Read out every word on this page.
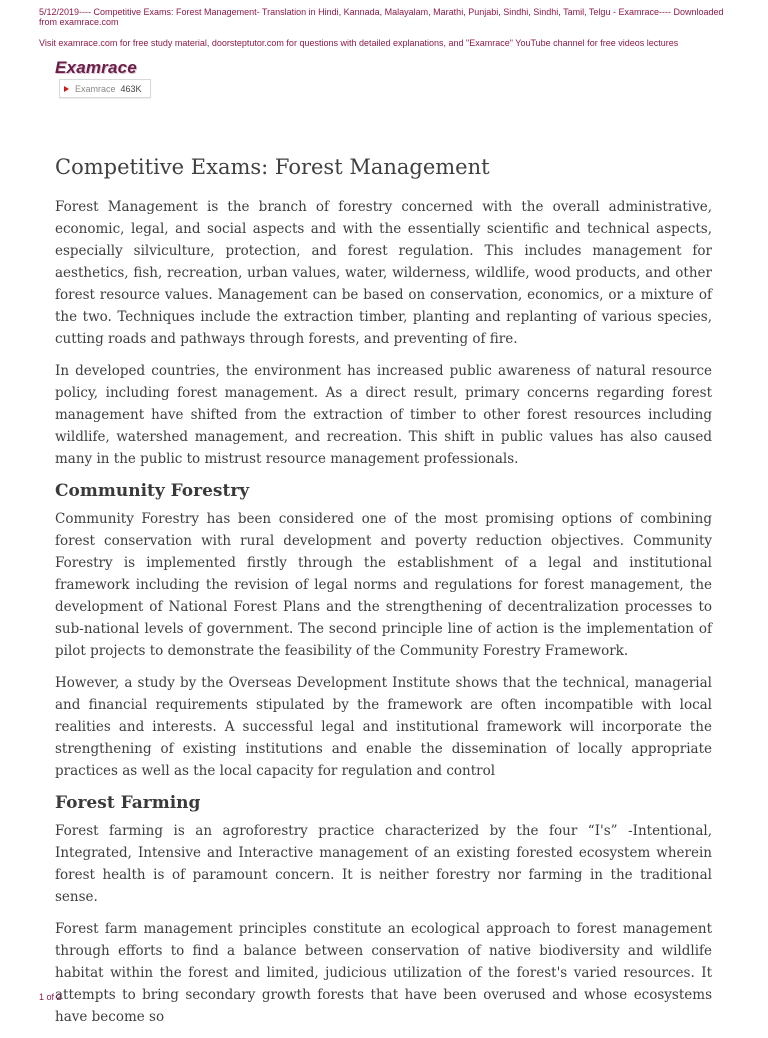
5/12/2019---- Competitive Exams: Forest Management- Translation in Hindi, Kannada, Malayalam, Marathi, Punjabi, Sindhi, Sindhi, Tamil, Telgu - Examrace---- Downloaded from examrace.com
Visit examrace.com for free study material, doorsteptutor.com for questions with detailed explanations, and "Examrace" YouTube channel for free videos lectures
Examrace
Examrace 463K
Competitive Exams: Forest Management

Forest Management is the branch of forestry concerned with the overall administrative, economic, legal, and social aspects and with the essentially scientific and technical aspects, especially silviculture, protection, and forest regulation. This includes management for aesthetics, fish, recreation, urban values, water, wilderness, wildlife, wood products, and other forest resource values. Management can be based on conservation, economics, or a mixture of the two. Techniques include the extraction timber, planting and replanting of various species, cutting roads and pathways through forests, and preventing of fire.

In developed countries, the environment has increased public awareness of natural resource policy, including forest management. As a direct result, primary concerns regarding forest management have shifted from the extraction of timber to other forest resources including wildlife, watershed management, and recreation. This shift in public values has also caused many in the public to mistrust resource management professionals.

Community Forestry

Community Forestry has been considered one of the most promising options of combining forest conservation with rural development and poverty reduction objectives. Community Forestry is implemented firstly through the establishment of a legal and institutional framework including the revision of legal norms and regulations for forest management, the development of National Forest Plans and the strengthening of decentralization processes to sub-national levels of government. The second principle line of action is the implementation of pilot projects to demonstrate the feasibility of the Community Forestry Framework.

However, a study by the Overseas Development Institute shows that the technical, managerial and financial requirements stipulated by the framework are often incompatible with local realities and interests. A successful legal and institutional framework will incorporate the strengthening of existing institutions and enable the dissemination of locally appropriate practices as well as the local capacity for regulation and control

Forest Farming

Forest farming is an agroforestry practice characterized by the four “I's” -Intentional, Integrated, Intensive and Interactive management of an existing forested ecosystem wherein forest health is of paramount concern. It is neither forestry nor farming in the traditional sense.

Forest farm management principles constitute an ecological approach to forest management through efforts to find a balance between conservation of native biodiversity and wildlife habitat within the forest and limited, judicious utilization of the forest's varied resources. It attempts to bring secondary growth forests that have been overused and whose ecosystems have become so

1 of 2
